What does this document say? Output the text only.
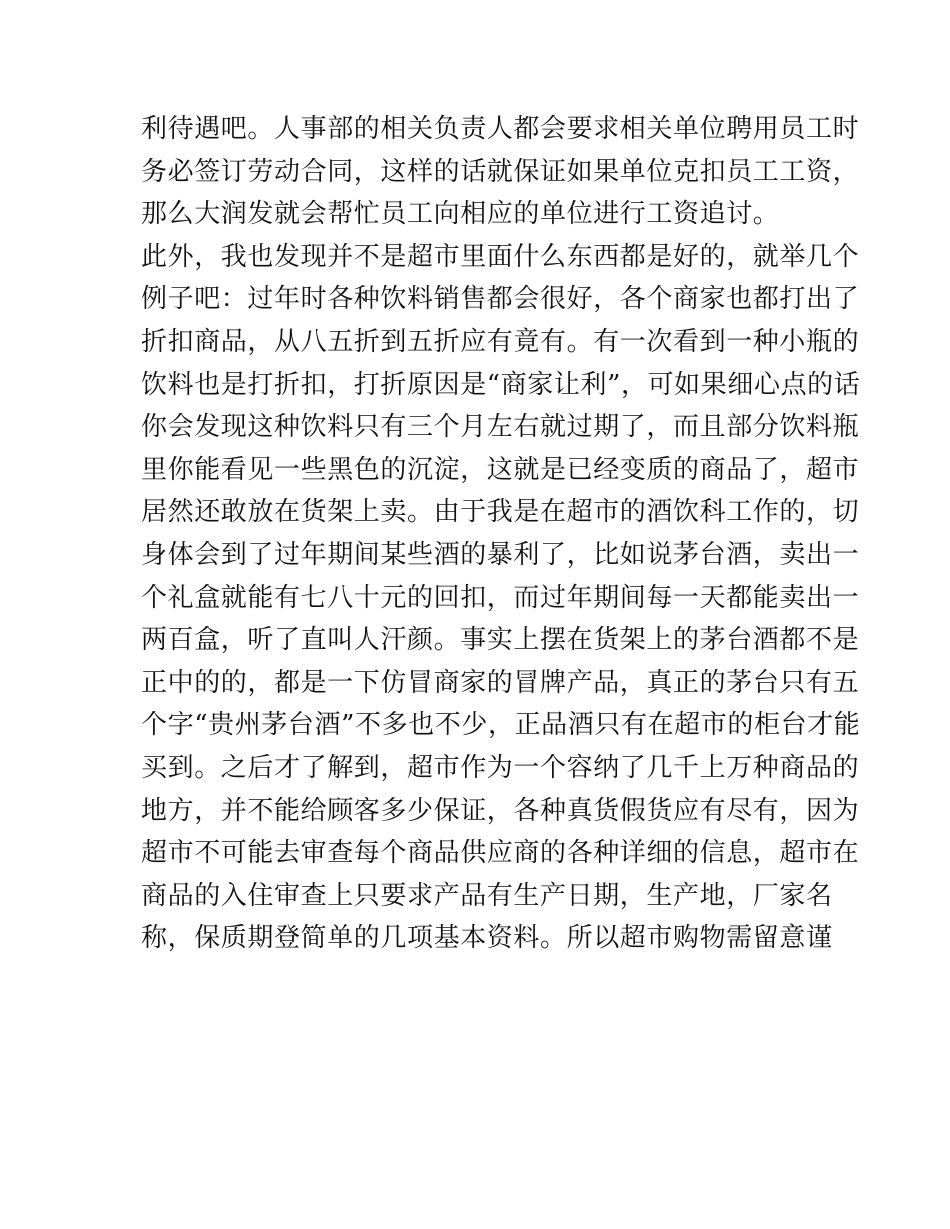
利待遇吧。人事部的相关负责人都会要求相关单位聘用员工时
务必签订劳动合同，这样的话就保证如果单位克扣员工工资，
那么大润发就会帮忙员工向相应的单位进行工资追讨。
此外，我也发现并不是超市里面什么东西都是好的，就举几个
例子吧：过年时各种饮料销售都会很好，各个商家也都打出了
折扣商品，从八五折到五折应有竟有。有一次看到一种小瓶的
饮料也是打折扣，打折原因是“商家让利”，可如果细心点的话
你会发现这种饮料只有三个月左右就过期了，而且部分饮料瓶
里你能看见一些黑色的沉淀，这就是已经变质的商品了，超市
居然还敢放在货架上卖。由于我是在超市的酒饮科工作的，切
身体会到了过年期间某些酒的暴利了，比如说茅台酒，卖出一
个礼盒就能有七八十元的回扣，而过年期间每一天都能卖出一
两百盒，听了直叫人汗颜。事实上摆在货架上的茅台酒都不是
正中的的，都是一下仿冒商家的冒牌产品，真正的茅台只有五
个字“贵州茅台酒”不多也不少，正品酒只有在超市的柜台才能
买到。之后才了解到，超市作为一个容纳了几千上万种商品的
地方，并不能给顾客多少保证，各种真货假货应有尽有，因为
超市不可能去审查每个商品供应商的各种详细的信息，超市在
商品的入住审查上只要求产品有生产日期，生产地，厂家名
称，保质期登简单的几项基本资料。所以超市购物需留意谨
